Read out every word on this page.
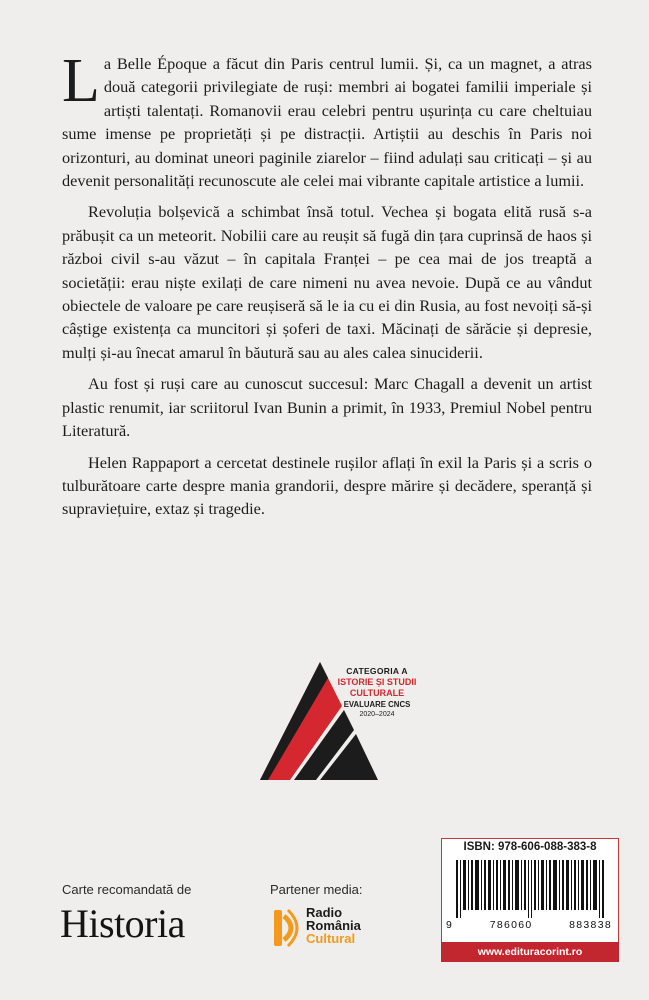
La Belle Époque a făcut din Paris centrul lumii. Și, ca un magnet, a atras două categorii privilegiate de ruși: membri ai bogatei familii imperiale și artiști talentați. Romanovii erau celebri pentru ușurința cu care cheltuiau sume imense pe proprietăți și pe distracții. Artiștii au deschis în Paris noi orizonturi, au dominat uneori paginile ziarelor – fiind adulați sau criticați – și au devenit personalități recunoscute ale celei mai vibrante capitale artistice a lumii.

Revoluția bolșevică a schimbat însă totul. Vechea și bogata elită rusă s-a prăbușit ca un meteorit. Nobilii care au reușit să fugă din țara cuprinsă de haos și război civil s-au văzut – în capitala Franței – pe cea mai de jos treaptă a societății: erau niște exilați de care nimeni nu avea nevoie. După ce au vândut obiectele de valoare pe care reușiseră să le ia cu ei din Rusia, au fost nevoiți să-și câștige existența ca muncitori și șoferi de taxi. Măcinați de sărăcie și depresie, mulți și-au înecat amarul în băutură sau au ales calea sinuciderii.

Au fost și ruși care au cunoscut succesul: Marc Chagall a devenit un artist plastic renumit, iar scriitorul Ivan Bunin a primit, în 1933, Premiul Nobel pentru Literatură.

Helen Rappaport a cercetat destinele rușilor aflați în exil la Paris și a scris o tulburătoare carte despre mania grandorii, despre mărire și decădere, speranță și supraviețuire, extaz și tragedie.

CATEGORIA A
ISTORIE ȘI STUDII
CULTURALE
EVALUARE CNCS
2020–2024
ISBN: 978-606-088-383-8
9	786060	883838
www.edituracorint.ro
Carte recomandată de
Historia
Partener media:
Radio
România
Cultural
